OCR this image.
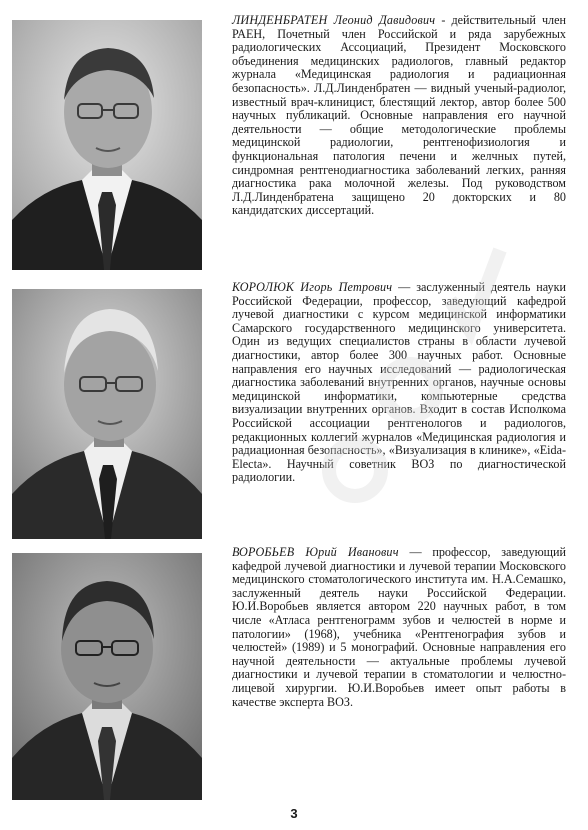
ЛИНДЕНБРАТЕН Леонид Давидович - действительный член РАЕН, Почетный член Российской и ряда зарубежных радиологических Ассоциаций, Президент Московского объединения медицинских радиологов, главный редактор журнала «Медицинская радиология и радиационная безопасность». Л.Д.Линденбратен — видный ученый-радиолог, известный врач-клиницист, блестящий лектор, автор более 500 научных публикаций. Основные направления его научной деятельности — общие методологические проблемы медицинской радиологии, рентгенофизиология и функциональная патология печени и желчных путей, синдромная рентгенодиагностика заболеваний легких, ранняя диагностика рака молочной железы. Под руководством Л.Д.Линденбратена защищено 20 докторских и 80 кандидатских диссертаций.

КОРОЛЮК Игорь Петрович — заслуженный деятель науки Российской Федерации, профессор, заведующий кафедрой лучевой диагностики с курсом медицинской информатики Самарского государственного медицинского университета. Один из ведущих специалистов страны в области лучевой диагностики, автор более 300 научных работ. Основные направления его научных исследований — радиологическая диагностика заболеваний внутренних органов, научные основы медицинской информатики, компьютерные средства визуализации внутренних органов. Входит в состав Исполкома Российской ассоциации рентгенологов и радиологов, редакционных коллегий журналов «Медицинская радиология и радиационная безопасность», «Визуализация в клинике», «Eida-Electa». Научный советник ВОЗ по диагностической радиологии.

ВОРОБЬЕВ Юрий Иванович — профессор, заведующий кафедрой лучевой диагностики и лучевой терапии Московского медицинского стоматологического института им. Н.А.Семашко, заслуженный деятель науки Российской Федерации. Ю.И.Воробьев является автором 220 научных работ, в том числе «Атласа рентгенограмм зубов и челюстей в норме и патологии» (1968), учебника «Рентгенография зубов и челюстей» (1989) и 5 монографий. Основные направления его научной деятельности — актуальные проблемы лучевой диагностики и лучевой терапии в стоматологии и челюстно-лицевой хирургии. Ю.И.Воробьев имеет опыт работы в качестве эксперта ВОЗ.

3
